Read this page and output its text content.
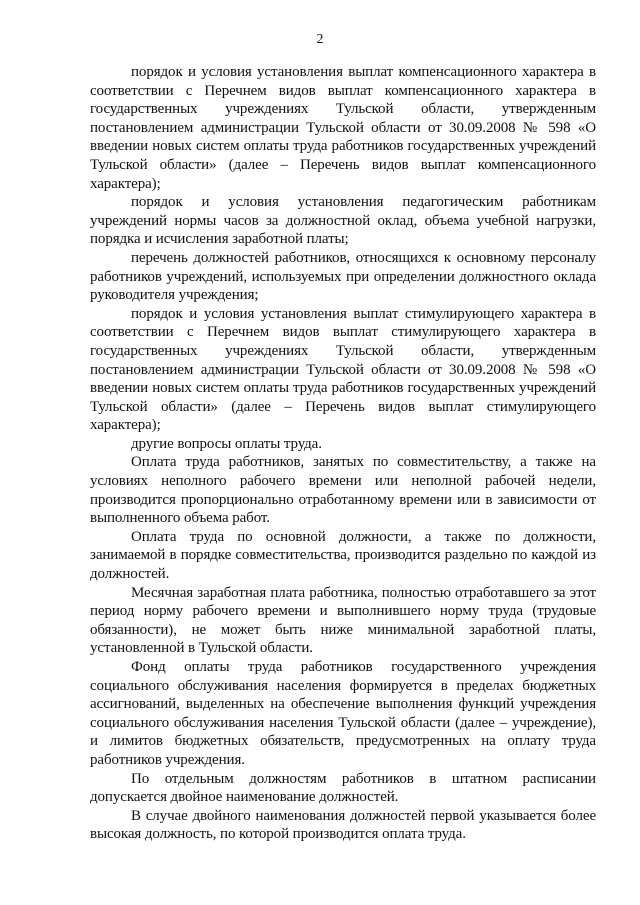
2

порядок и условия установления выплат компенсационного характера в соответствии с Перечнем видов выплат компенсационного характера в государственных учреждениях Тульской области, утвержденным постановлением администрации Тульской области от 30.09.2008 № 598 «О введении новых систем оплаты труда работников государственных учреждений Тульской области» (далее – Перечень видов выплат компенсационного характера);

порядок и условия установления педагогическим работникам учреждений нормы часов за должностной оклад, объема учебной нагрузки, порядка и исчисления заработной платы;

перечень должностей работников, относящихся к основному персоналу работников учреждений, используемых при определении должностного оклада руководителя учреждения;

порядок и условия установления выплат стимулирующего характера в соответствии с Перечнем видов выплат стимулирующего характера в государственных учреждениях Тульской области, утвержденным постановлением администрации Тульской области от 30.09.2008 № 598 «О введении новых систем оплаты труда работников государственных учреждений Тульской области» (далее – Перечень видов выплат стимулирующего характера);

другие вопросы оплаты труда.

Оплата труда работников, занятых по совместительству, а также на условиях неполного рабочего времени или неполной рабочей недели, производится пропорционально отработанному времени или в зависимости от выполненного объема работ.

Оплата труда по основной должности, а также по должности, занимаемой в порядке совместительства, производится раздельно по каждой из должностей.

Месячная заработная плата работника, полностью отработавшего за этот период норму рабочего времени и выполнившего норму труда (трудовые обязанности), не может быть ниже минимальной заработной платы, установленной в Тульской области.

Фонд оплаты труда работников государственного учреждения социального обслуживания населения формируется в пределах бюджетных ассигнований, выделенных на обеспечение выполнения функций учреждения социального обслуживания населения Тульской области (далее – учреждение), и лимитов бюджетных обязательств, предусмотренных на оплату труда работников учреждения.

По отдельным должностям работников в штатном расписании допускается двойное наименование должностей.

В случае двойного наименования должностей первой указывается более высокая должность, по которой производится оплата труда.
